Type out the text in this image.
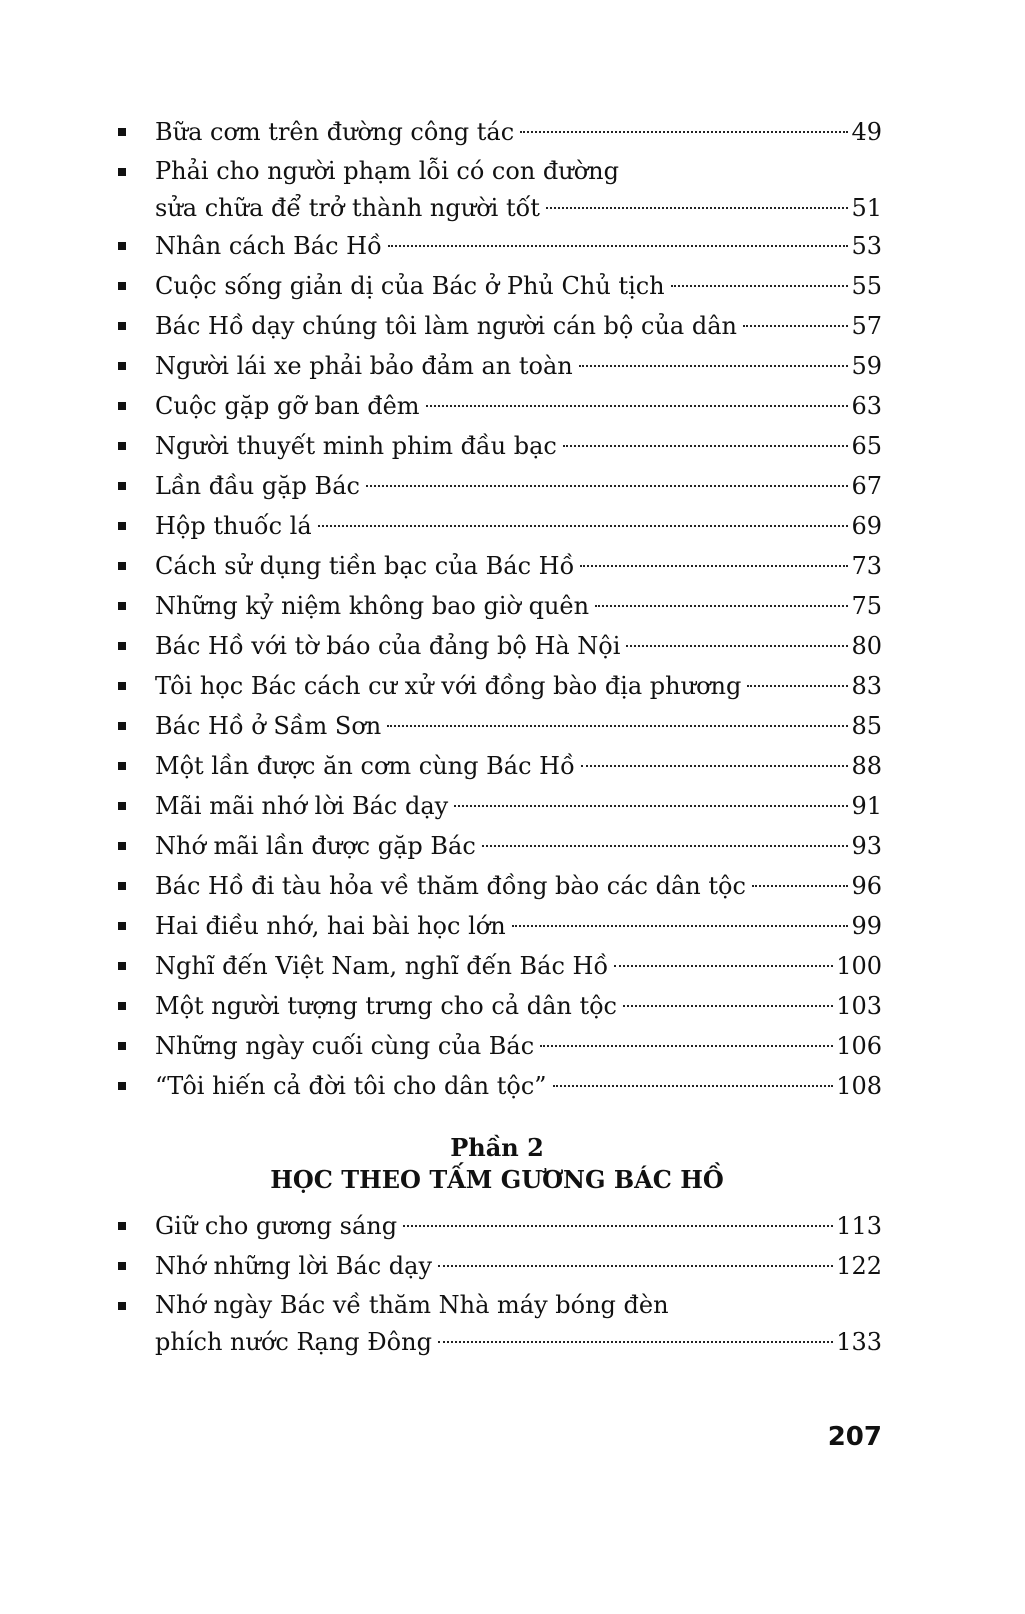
Bữa cơm trên đường công tác	49
Phải cho người phạm lỗi có con đường
sửa chữa để trở thành người tốt	51
Nhân cách Bác Hồ	53
Cuộc sống giản dị của Bác ở Phủ Chủ tịch	55
Bác Hồ dạy chúng tôi làm người cán bộ của dân	57
Người lái xe phải bảo đảm an toàn	59
Cuộc gặp gỡ ban đêm	63
Người thuyết minh phim đầu bạc	65
Lần đầu gặp Bác	67
Hộp thuốc lá	69
Cách sử dụng tiền bạc của Bác Hồ	73
Những kỷ niệm không bao giờ quên	75
Bác Hồ với tờ báo của đảng bộ Hà Nội	80
Tôi học Bác cách cư xử với đồng bào địa phương	83
Bác Hồ ở Sầm Sơn	85
Một lần được ăn cơm cùng Bác Hồ	88
Mãi mãi nhớ lời Bác dạy	91
Nhớ mãi lần được gặp Bác	93
Bác Hồ đi tàu hỏa về thăm đồng bào các dân tộc	96
Hai điều nhớ, hai bài học lớn	99
Nghĩ đến Việt Nam, nghĩ đến Bác Hồ	100
Một người tượng trưng cho cả dân tộc	103
Những ngày cuối cùng của Bác	106
“Tôi hiến cả đời tôi cho dân tộc”	108
Phần 2
HỌC THEO TẤM GƯƠNG BÁC HỒ
Giữ cho gương sáng	113
Nhớ những lời Bác dạy	122
Nhớ ngày Bác về thăm Nhà máy bóng đèn
phích nước Rạng Đông	133
207
